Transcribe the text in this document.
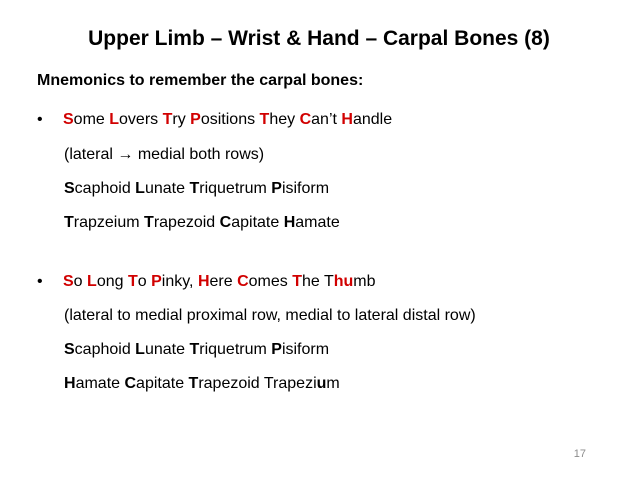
Upper Limb – Wrist & Hand – Carpal Bones (8)
Mnemonics to remember the carpal bones:
• Some Lovers Try Positions They Can’t Handle
(lateral → medial both rows)
Scaphoid Lunate Triquetrum Pisiform
Trapzeium Trapezoid Capitate Hamate
• So Long To Pinky, Here Comes The Thumb
(lateral to medial proximal row, medial to lateral distal row)
Scaphoid Lunate Triquetrum Pisiform
Hamate Capitate Trapezoid Trapezium
17
